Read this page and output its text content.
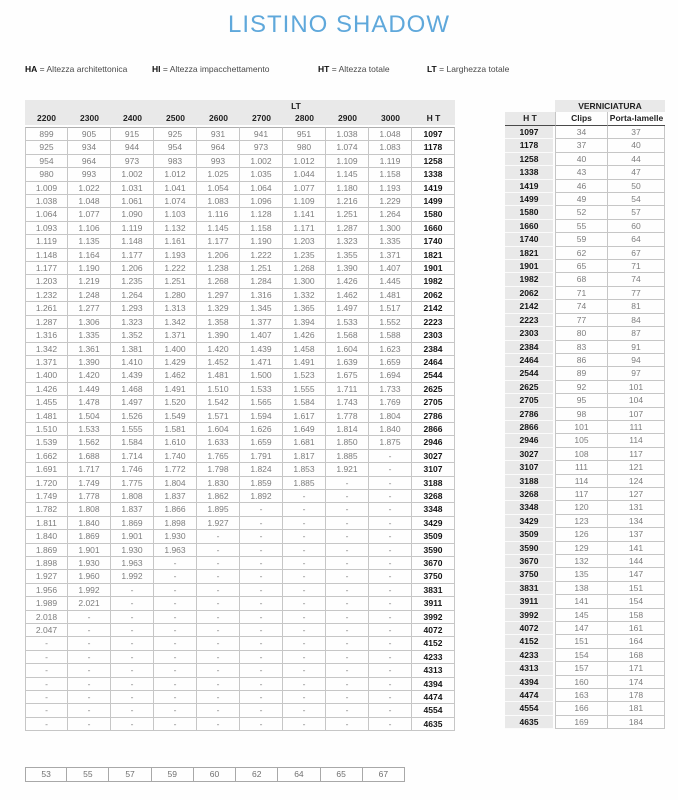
LISTINO SHADOW
HA = Altezza architettonica	HI = Altezza impacchettamento	HT = Altezza totale	LT = Larghezza totale
LT									
2200	2300	2400	2500	2600	2700	2800	2900	3000	H T
899	905	915	925	931	941	951	1.038	1.048	1097
925	934	944	954	964	973	980	1.074	1.083	1178
954	964	973	983	993	1.002	1.012	1.109	1.119	1258
980	993	1.002	1.012	1.025	1.035	1.044	1.145	1.158	1338
1.009	1.022	1.031	1.041	1.054	1.064	1.077	1.180	1.193	1419
1.038	1.048	1.061	1.074	1.083	1.096	1.109	1.216	1.229	1499
1.064	1.077	1.090	1.103	1.116	1.128	1.141	1.251	1.264	1580
1.093	1.106	1.119	1.132	1.145	1.158	1.171	1.287	1.300	1660
1.119	1.135	1.148	1.161	1.177	1.190	1.203	1.323	1.335	1740
1.148	1.164	1.177	1.193	1.206	1.222	1.235	1.355	1.371	1821
1.177	1.190	1.206	1.222	1.238	1.251	1.268	1.390	1.407	1901
1.203	1.219	1.235	1.251	1.268	1.284	1.300	1.426	1.445	1982
1.232	1.248	1.264	1.280	1.297	1.316	1.332	1.462	1.481	2062
1.261	1.277	1.293	1.313	1.329	1.345	1.365	1.497	1.517	2142
1.287	1.306	1.323	1.342	1.358	1.377	1.394	1.533	1.552	2223
1.316	1.335	1.352	1.371	1.390	1.407	1.426	1.568	1.588	2303
1.342	1.361	1.381	1.400	1.420	1.439	1.458	1.604	1.623	2384
1.371	1.390	1.410	1.429	1.452	1.471	1.491	1.639	1.659	2464
1.400	1.420	1.439	1.462	1.481	1.500	1.523	1.675	1.694	2544
1.426	1.449	1.468	1.491	1.510	1.533	1.555	1.711	1.733	2625
1.455	1.478	1.497	1.520	1.542	1.565	1.584	1.743	1.769	2705
1.481	1.504	1.526	1.549	1.571	1.594	1.617	1.778	1.804	2786
1.510	1.533	1.555	1.581	1.604	1.626	1.649	1.814	1.840	2866
1.539	1.562	1.584	1.610	1.633	1.659	1.681	1.850	1.875	2946
1.662	1.688	1.714	1.740	1.765	1.791	1.817	1.885	-	3027
1.691	1.717	1.746	1.772	1.798	1.824	1.853	1.921	-	3107
1.720	1.749	1.775	1.804	1.830	1.859	1.885	-	-	3188
1.749	1.778	1.808	1.837	1.862	1.892	-	-	-	3268
1.782	1.808	1.837	1.866	1.895	-	-	-	-	3348
1.811	1.840	1.869	1.898	1.927	-	-	-	-	3429
1.840	1.869	1.901	1.930	-	-	-	-	-	3509
1.869	1.901	1.930	1.963	-	-	-	-	-	3590
1.898	1.930	1.963	-	-	-	-	-	-	3670
1.927	1.960	1.992	-	-	-	-	-	-	3750
1.956	1.992	-	-	-	-	-	-	-	3831
1.989	2.021	-	-	-	-	-	-	-	3911
2.018	-	-	-	-	-	-	-	-	3992
2.047	-	-	-	-	-	-	-	-	4072
-	-	-	-	-	-	-	-	-	4152
-	-	-	-	-	-	-	-	-	4233
-	-	-	-	-	-	-	-	-	4313
-	-	-	-	-	-	-	-	-	4394
-	-	-	-	-	-	-	-	-	4474
-	-	-	-	-	-	-	-	-	4554
-	-	-	-	-	-	-	-	-	4635
	VERNICIATURA	
H T	Clips	Porta-lamelle
1097	34	37
1178	37	40
1258	40	44
1338	43	47
1419	46	50
1499	49	54
1580	52	57
1660	55	60
1740	59	64
1821	62	67
1901	65	71
1982	68	74
2062	71	77
2142	74	81
2223	77	84
2303	80	87
2384	83	91
2464	86	94
2544	89	97
2625	92	101
2705	95	104
2786	98	107
2866	101	111
2946	105	114
3027	108	117
3107	111	121
3188	114	124
3268	117	127
3348	120	131
3429	123	134
3509	126	137
3590	129	141
3670	132	144
3750	135	147
3831	138	151
3911	141	154
3992	145	158
4072	147	161
4152	151	164
4233	154	168
4313	157	171
4394	160	174
4474	163	178
4554	166	181
4635	169	184
53	55	57	59	60	62	64	65	67
